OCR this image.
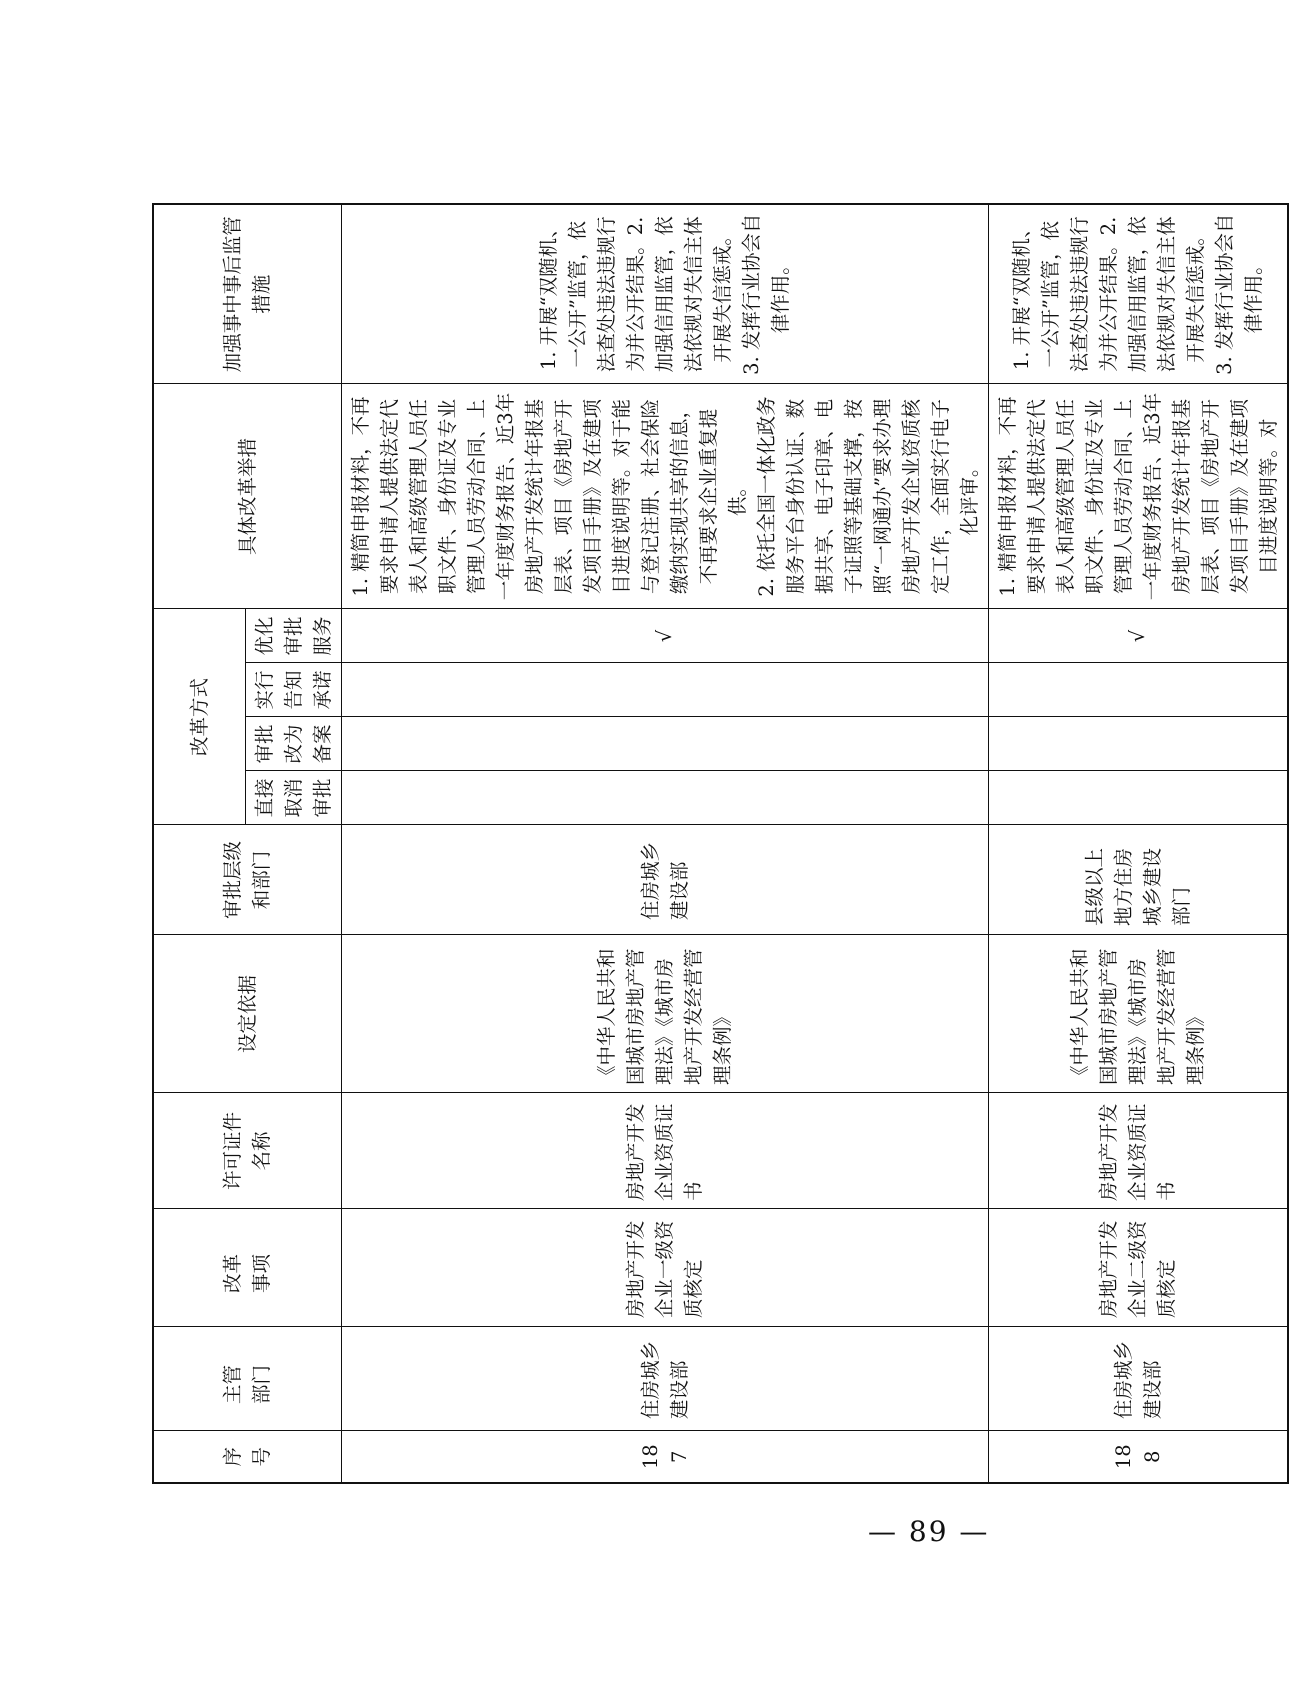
序号	主管部门	改革事项	许可证件名称	设定依据	审批层级和部门	改革方式				具体改革举措	加强事中事后监管措施
						直接取消审批	审批改为备案	实行告知承诺	优化审批服务		
187	住房城乡建设部	房地产开发企业一级资质核定	房地产开发企业资质证书	《中华人民共和国城市房地产管理法》《城市房地产开发经营管理条例》	住房城乡建设部				√	1. 精简申报材料，不再要求申请人提供法定代表人和高级管理人员任职文件、身份证及专业管理人员劳动合同、上一年度财务报告、近3年房地产开发统计年报基层表、项目《房地产开发项目手册》及在建项目进度说明等。对于能与登记注册、社会保险缴纳实现共享的信息，不再要求企业重复提供。
2. 依托全国一体化政务服务平台身份认证、数据共享、电子印章、电子证照等基础支撑，按照“一网通办”要求办理房地产开发企业资质核定工作，全面实行电子化评审。	1. 开展“双随机、一公开”监管，依法查处违法违规行为并公开结果。2. 加强信用监管，依法依规对失信主体开展失信惩戒。
3. 发挥行业协会自律作用。
188	住房城乡建设部	房地产开发企业二级资质核定	房地产开发企业资质证书	《中华人民共和国城市房地产管理法》《城市房地产开发经营管理条例》	县级以上地方住房城乡建设部门				√	1. 精简申报材料，不再要求申请人提供法定代表人和高级管理人员任职文件、身份证及专业管理人员劳动合同、上一年度财务报告、近3年房地产开发统计年报基层表、项目《房地产开发项目手册》及在建项目进度说明等。对	1. 开展“双随机、一公开”监管，依法查处违法违规行为并公开结果。2. 加强信用监管，依法依规对失信主体开展失信惩戒。
3. 发挥行业协会自律作用。
— 89 —
